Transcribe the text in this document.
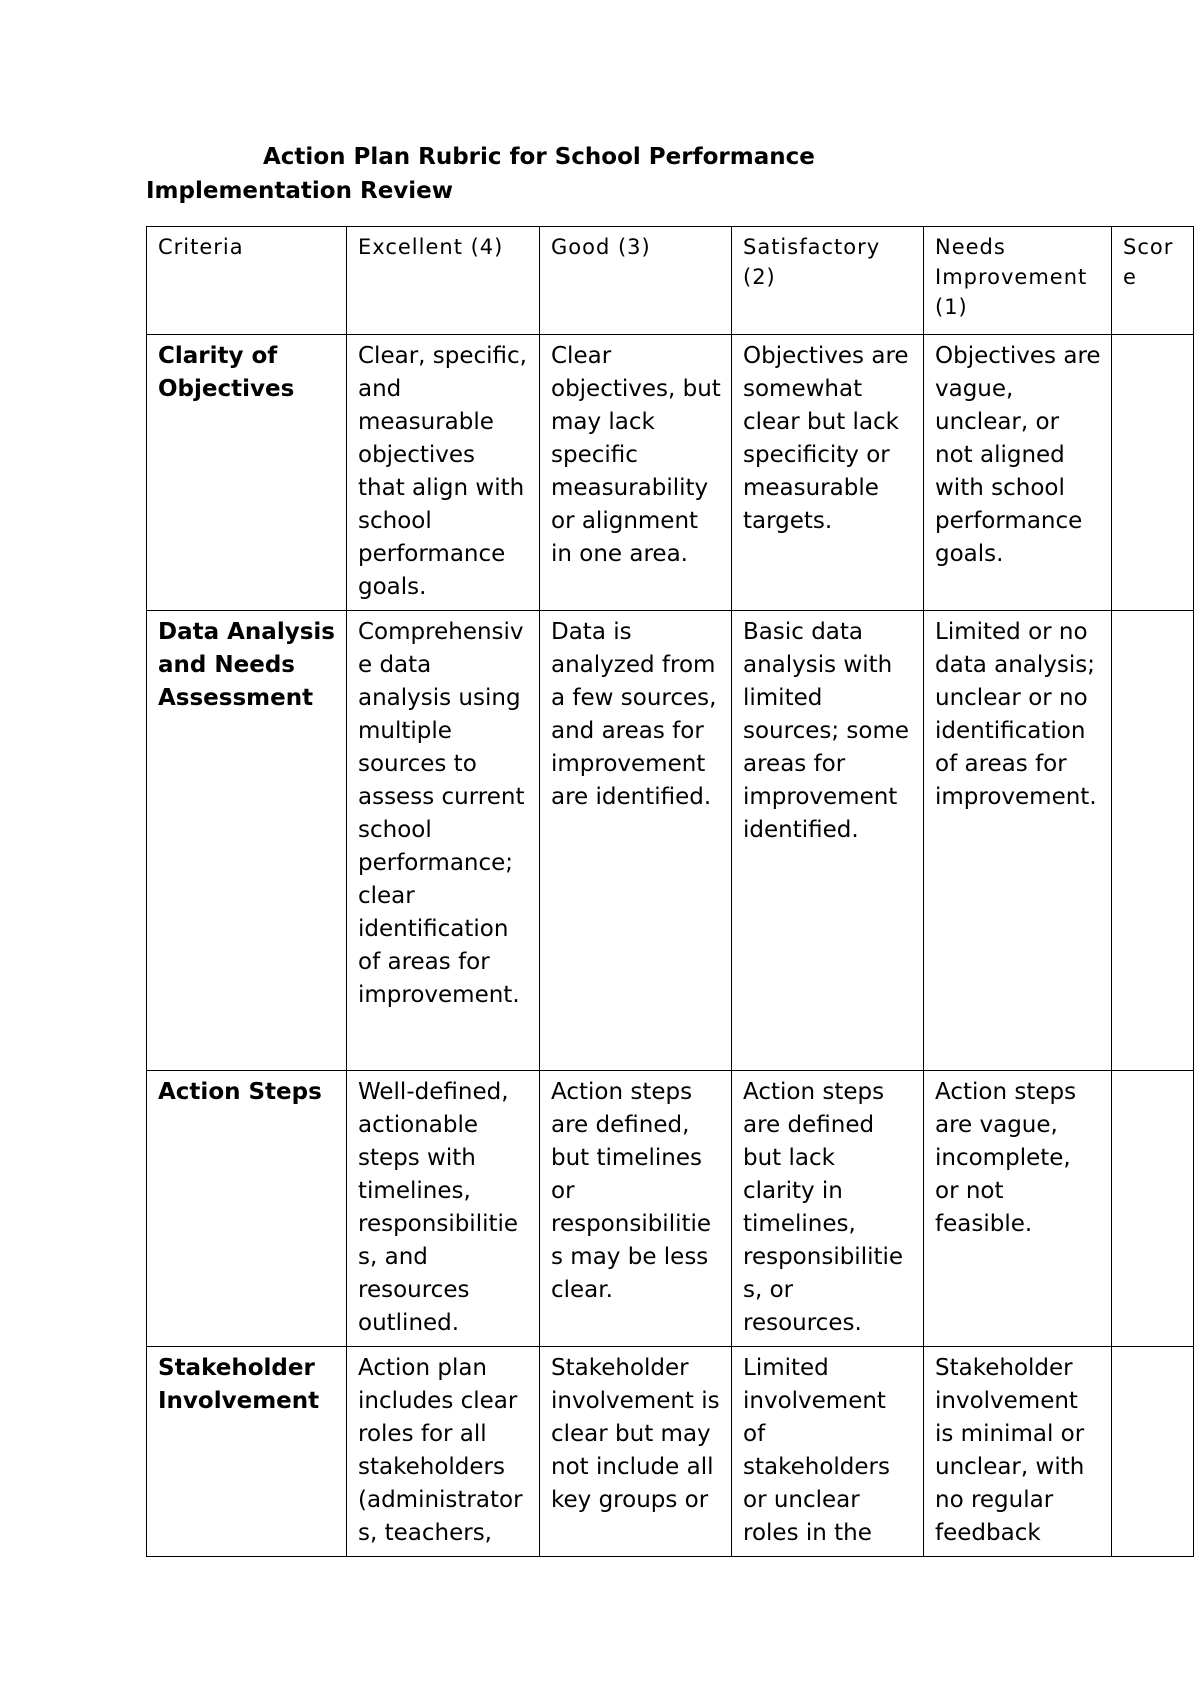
Action Plan Rubric for School Performance
Implementation Review
Criteria	Excellent (4)	Good (3)	Satisfactory (2)	Needs Improvement (1)	Score
Clarity of Objectives	Clear, specific, and measurable objectives that align with school performance goals.	Clear objectives, but may lack specific measurability or alignment in one area.	Objectives are somewhat clear but lack specificity or measurable targets.	Objectives are vague, unclear, or not aligned with school performance goals.	
Data Analysis and Needs Assessment	Comprehensive data analysis using multiple sources to assess current school performance; clear identification of areas for improvement.	Data is analyzed from a few sources, and areas for improvement are identified.	Basic data analysis with limited sources; some areas for improvement identified.	Limited or no data analysis; unclear or no identification of areas for improvement.	
Action Steps	Well-defined, actionable steps with timelines, responsibilities, and resources outlined.	Action steps are defined, but timelines or responsibilities may be less clear.	Action steps are defined but lack clarity in timelines, responsibilities, or resources.	Action steps are vague, incomplete, or not feasible.	
Stakeholder Involvement	Action plan includes clear roles for all stakeholders (administrators, teachers,	Stakeholder involvement is clear but may not include all key groups or	Limited involvement of stakeholders or unclear roles in the	Stakeholder involvement is minimal or unclear, with no regular feedback	
